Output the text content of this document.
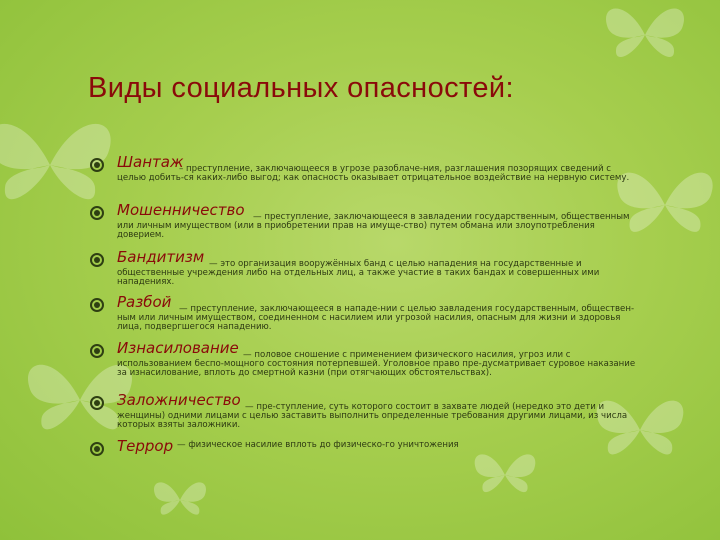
Виды социальных опасностей:
Шантаж
– преступление, заключающееся в угрозе разоблаче-ния, разглашения позорящих сведений с целью добить-ся каких-либо выгод; как опасность оказывает отрицательное воздействие на нервную систему.
Мошенничество — преступление, заключающееся в завладении государственным, общественным или личным имуществом (или в приобретении прав на имуще-ство) путем обмана или злоупотребления доверием.
Бандитизм — это организация вооружённых банд с целью нападения на государственные и общественные учреждения либо на отдельных лиц, а также участие в таких бандах и совершенных ими нападениях.
Разбой — преступление, заключающееся в нападе-нии с целью завладения государственным, обществен-ным или личным имуществом, соединенном с насилием или угрозой насилия, опасным для жизни и здоровья лица, подвергшегося нападению.
Изнасилование — половое сношение с применением физического насилия, угроз или с использованием беспо-мощного состояния потерпевшей. Уголовное право пре-дусматривает суровое наказание за изнасилование, вплоть до смертной казни (при отягчающих обстоятельствах).
Заложничество — пре-ступление, суть которого состоит в захвате людей (нередко это дети и женщины) одними лицами с целью заставить выполнить определенные требования другими лицами, из числа которых взяты заложники.
Террор — физическое насилие вплоть до физическо-го уничтожения
